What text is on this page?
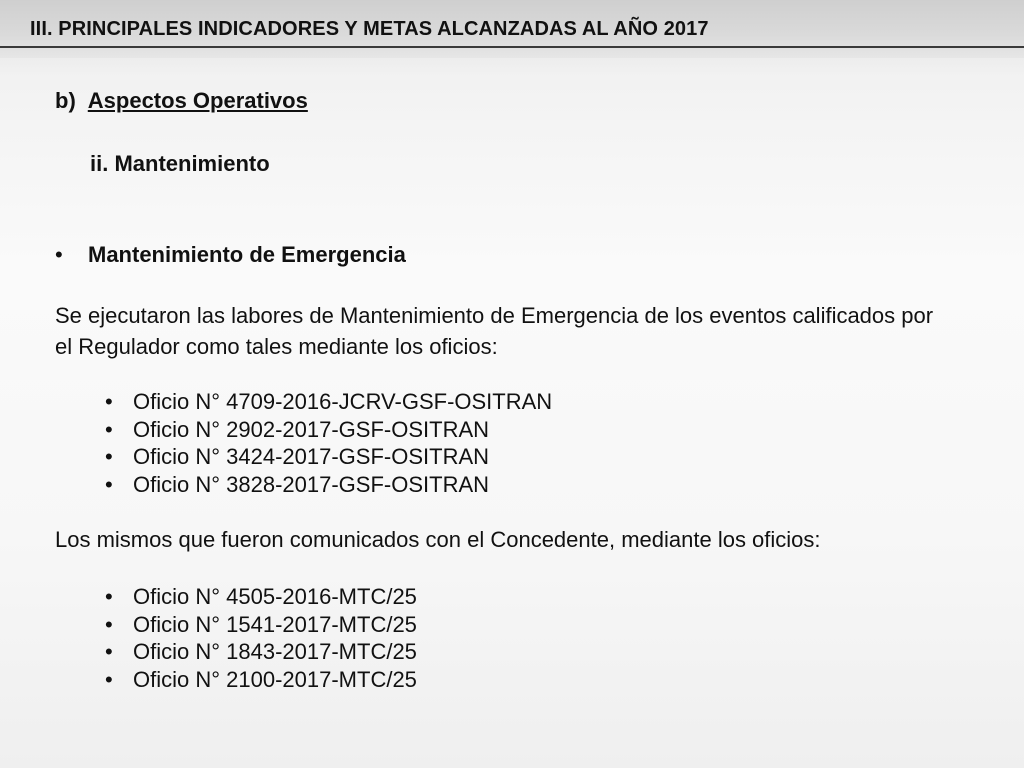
III. PRINCIPALES INDICADORES Y METAS ALCANZADAS AL AÑO 2017
b) Aspectos Operativos
ii. Mantenimiento
• Mantenimiento de Emergencia
Se ejecutaron las labores de Mantenimiento de Emergencia de los eventos calificados por el Regulador como tales mediante los oficios:
• Oficio N° 4709-2016-JCRV-GSF-OSITRAN
• Oficio N° 2902-2017-GSF-OSITRAN
• Oficio N° 3424-2017-GSF-OSITRAN
• Oficio N° 3828-2017-GSF-OSITRAN
Los mismos que fueron comunicados con el Concedente, mediante los oficios:
• Oficio N° 4505-2016-MTC/25
• Oficio N° 1541-2017-MTC/25
• Oficio N° 1843-2017-MTC/25
• Oficio N° 2100-2017-MTC/25
